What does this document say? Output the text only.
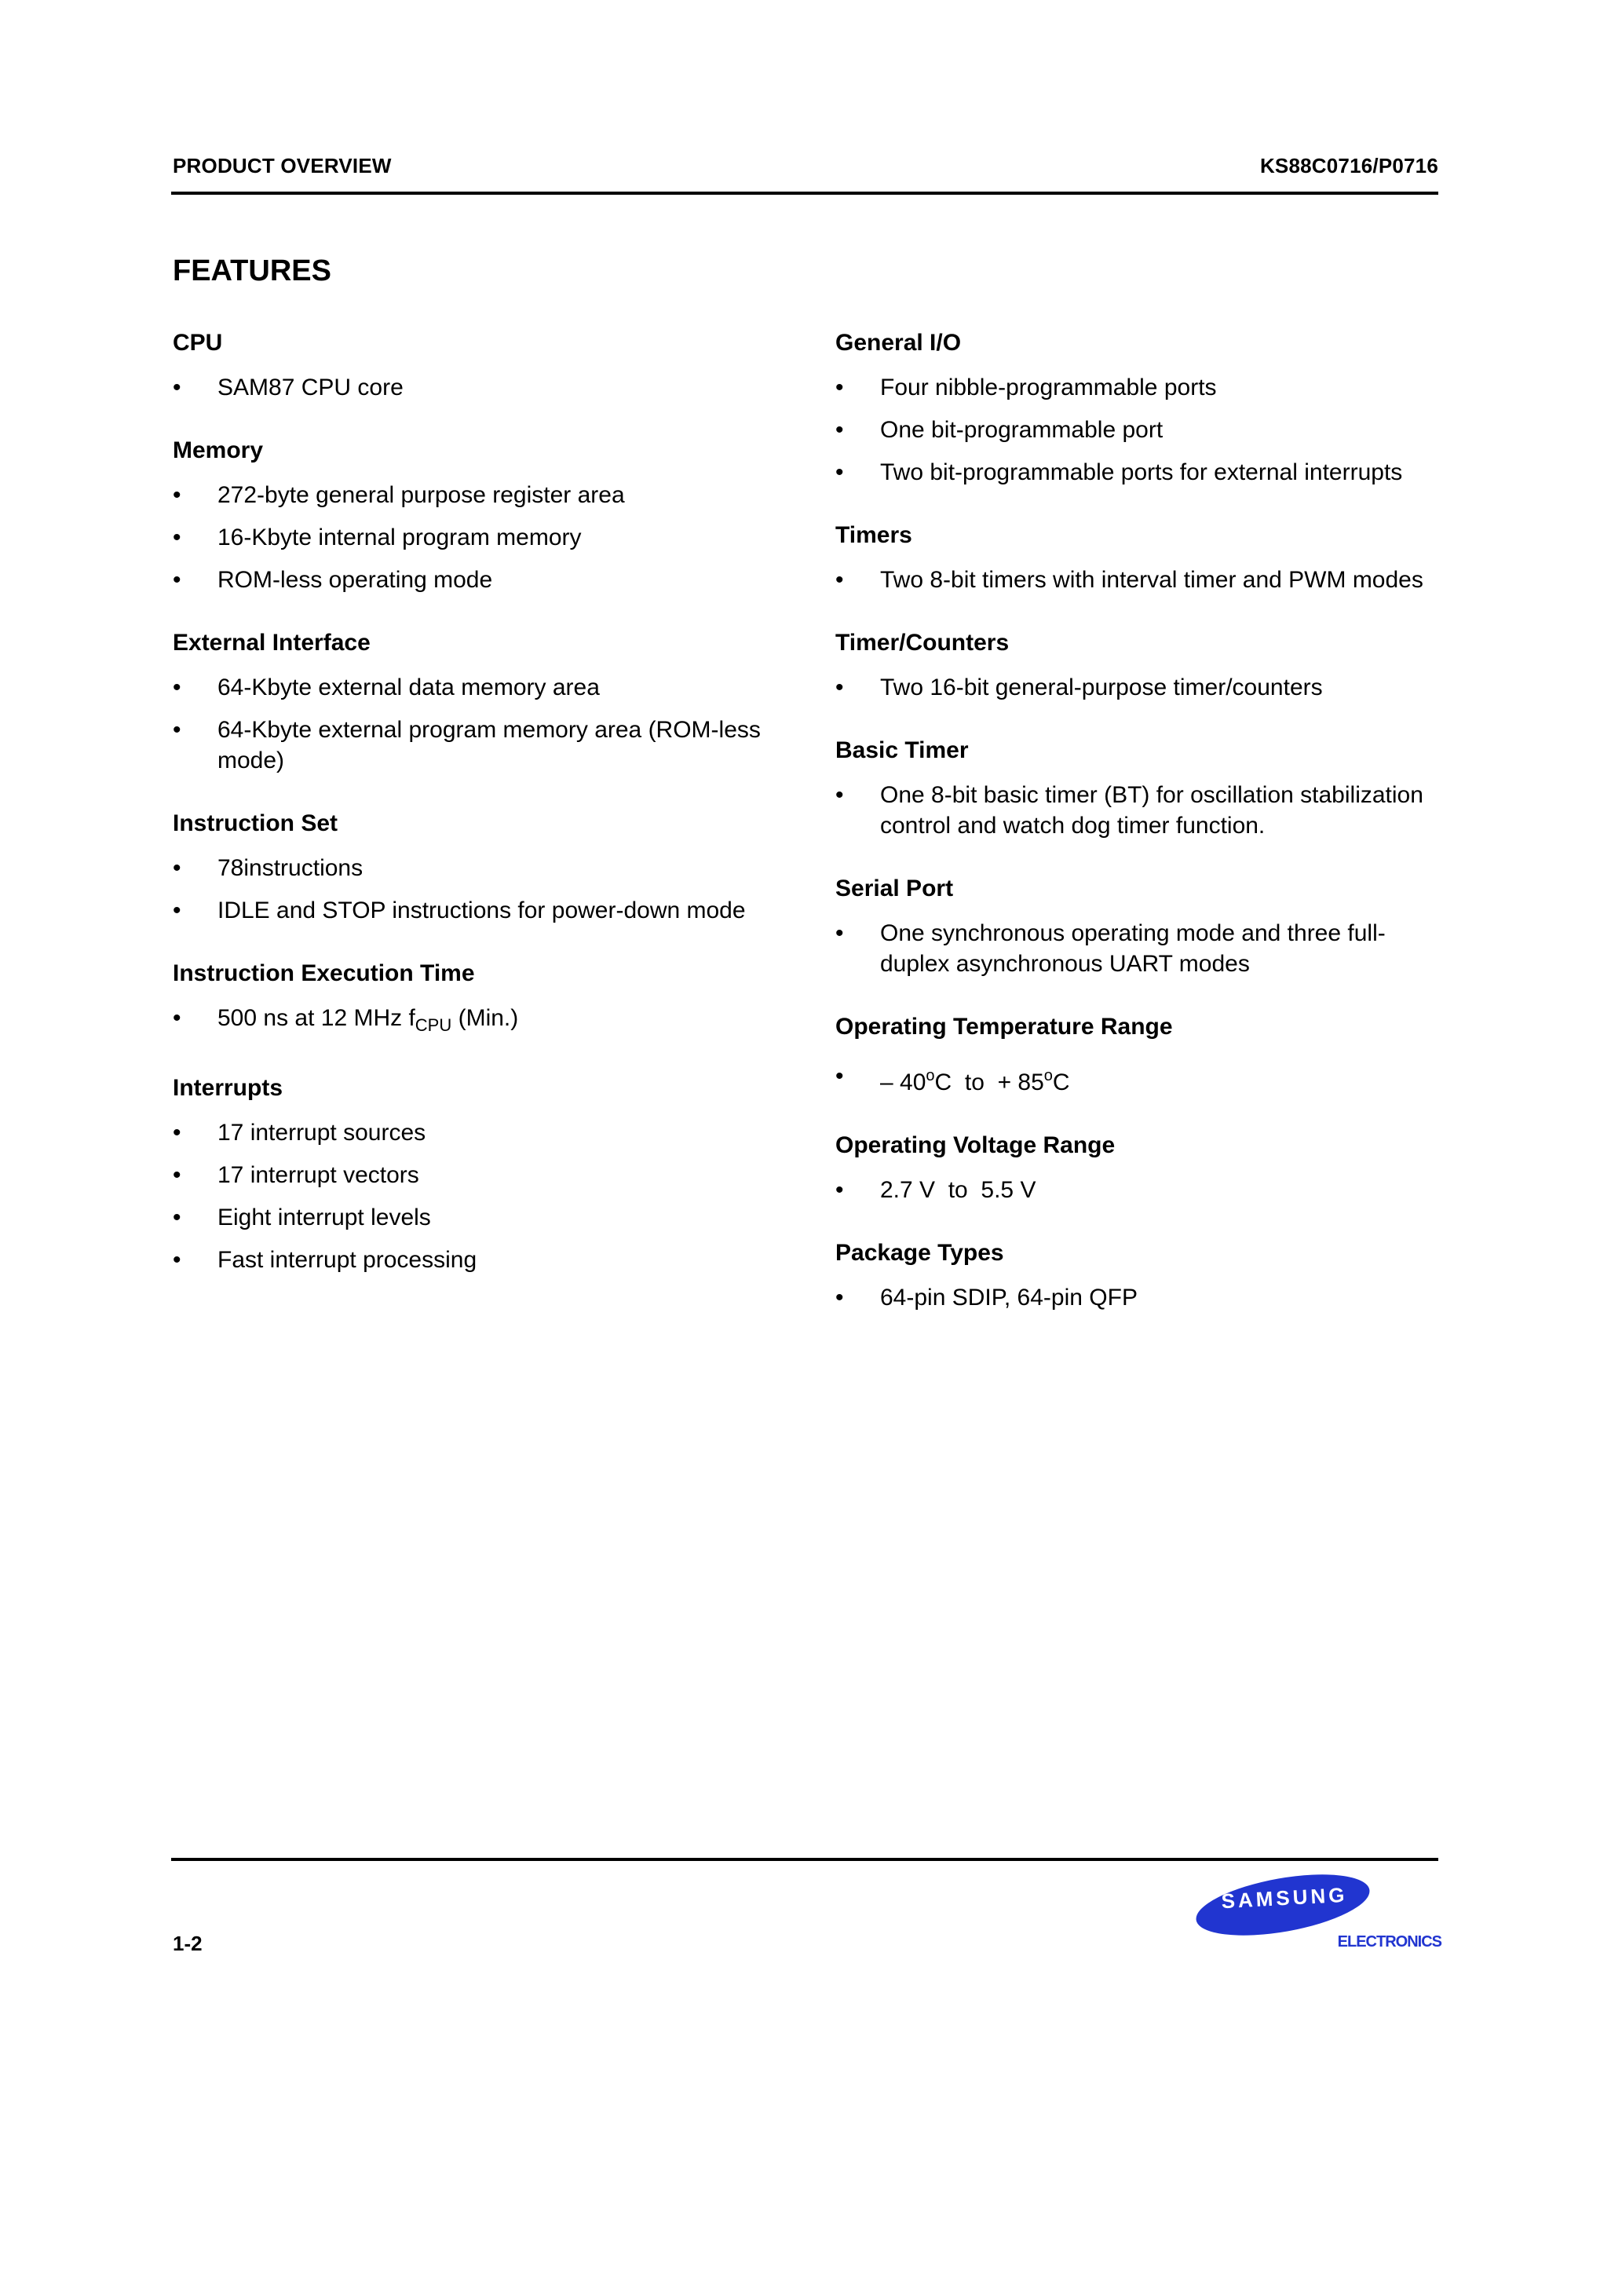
PRODUCT OVERVIEW	KS88C0716/P0716
FEATURES
CPU
• SAM87 CPU core
Memory
• 272-byte general purpose register area
• 16-Kbyte internal program memory
• ROM-less operating mode
External Interface
• 64-Kbyte external data memory area
• 64-Kbyte external program memory area (ROM-less mode)
Instruction Set
• 78instructions
• IDLE and STOP instructions for power-down mode
Instruction Execution Time
• 500 ns at 12 MHz $f_{CPU}$ (Min.)
Interrupts
• 17 interrupt sources
• 17 interrupt vectors
• Eight interrupt levels
• Fast interrupt processing
General I/O
• Four nibble-programmable ports
• One bit-programmable port
• Two bit-programmable ports for external interrupts
Timers
• Two 8-bit timers with interval timer and PWM modes
Timer/Counters
• Two 16-bit general-purpose timer/counters
Basic Timer
• One 8-bit basic timer (BT) for oscillation stabilization control and watch dog timer function.
Serial Port
• One synchronous operating mode and three full-duplex asynchronous UART modes
Operating Temperature Range
• – 40$^o$C to + $85^oC$
Operating Voltage Range
• 2.7 V  to  5.5 V
Package Types
• 64-pin SDIP, 64-pin QFP
1-2
SAMSUNG
ELECTRONICS
